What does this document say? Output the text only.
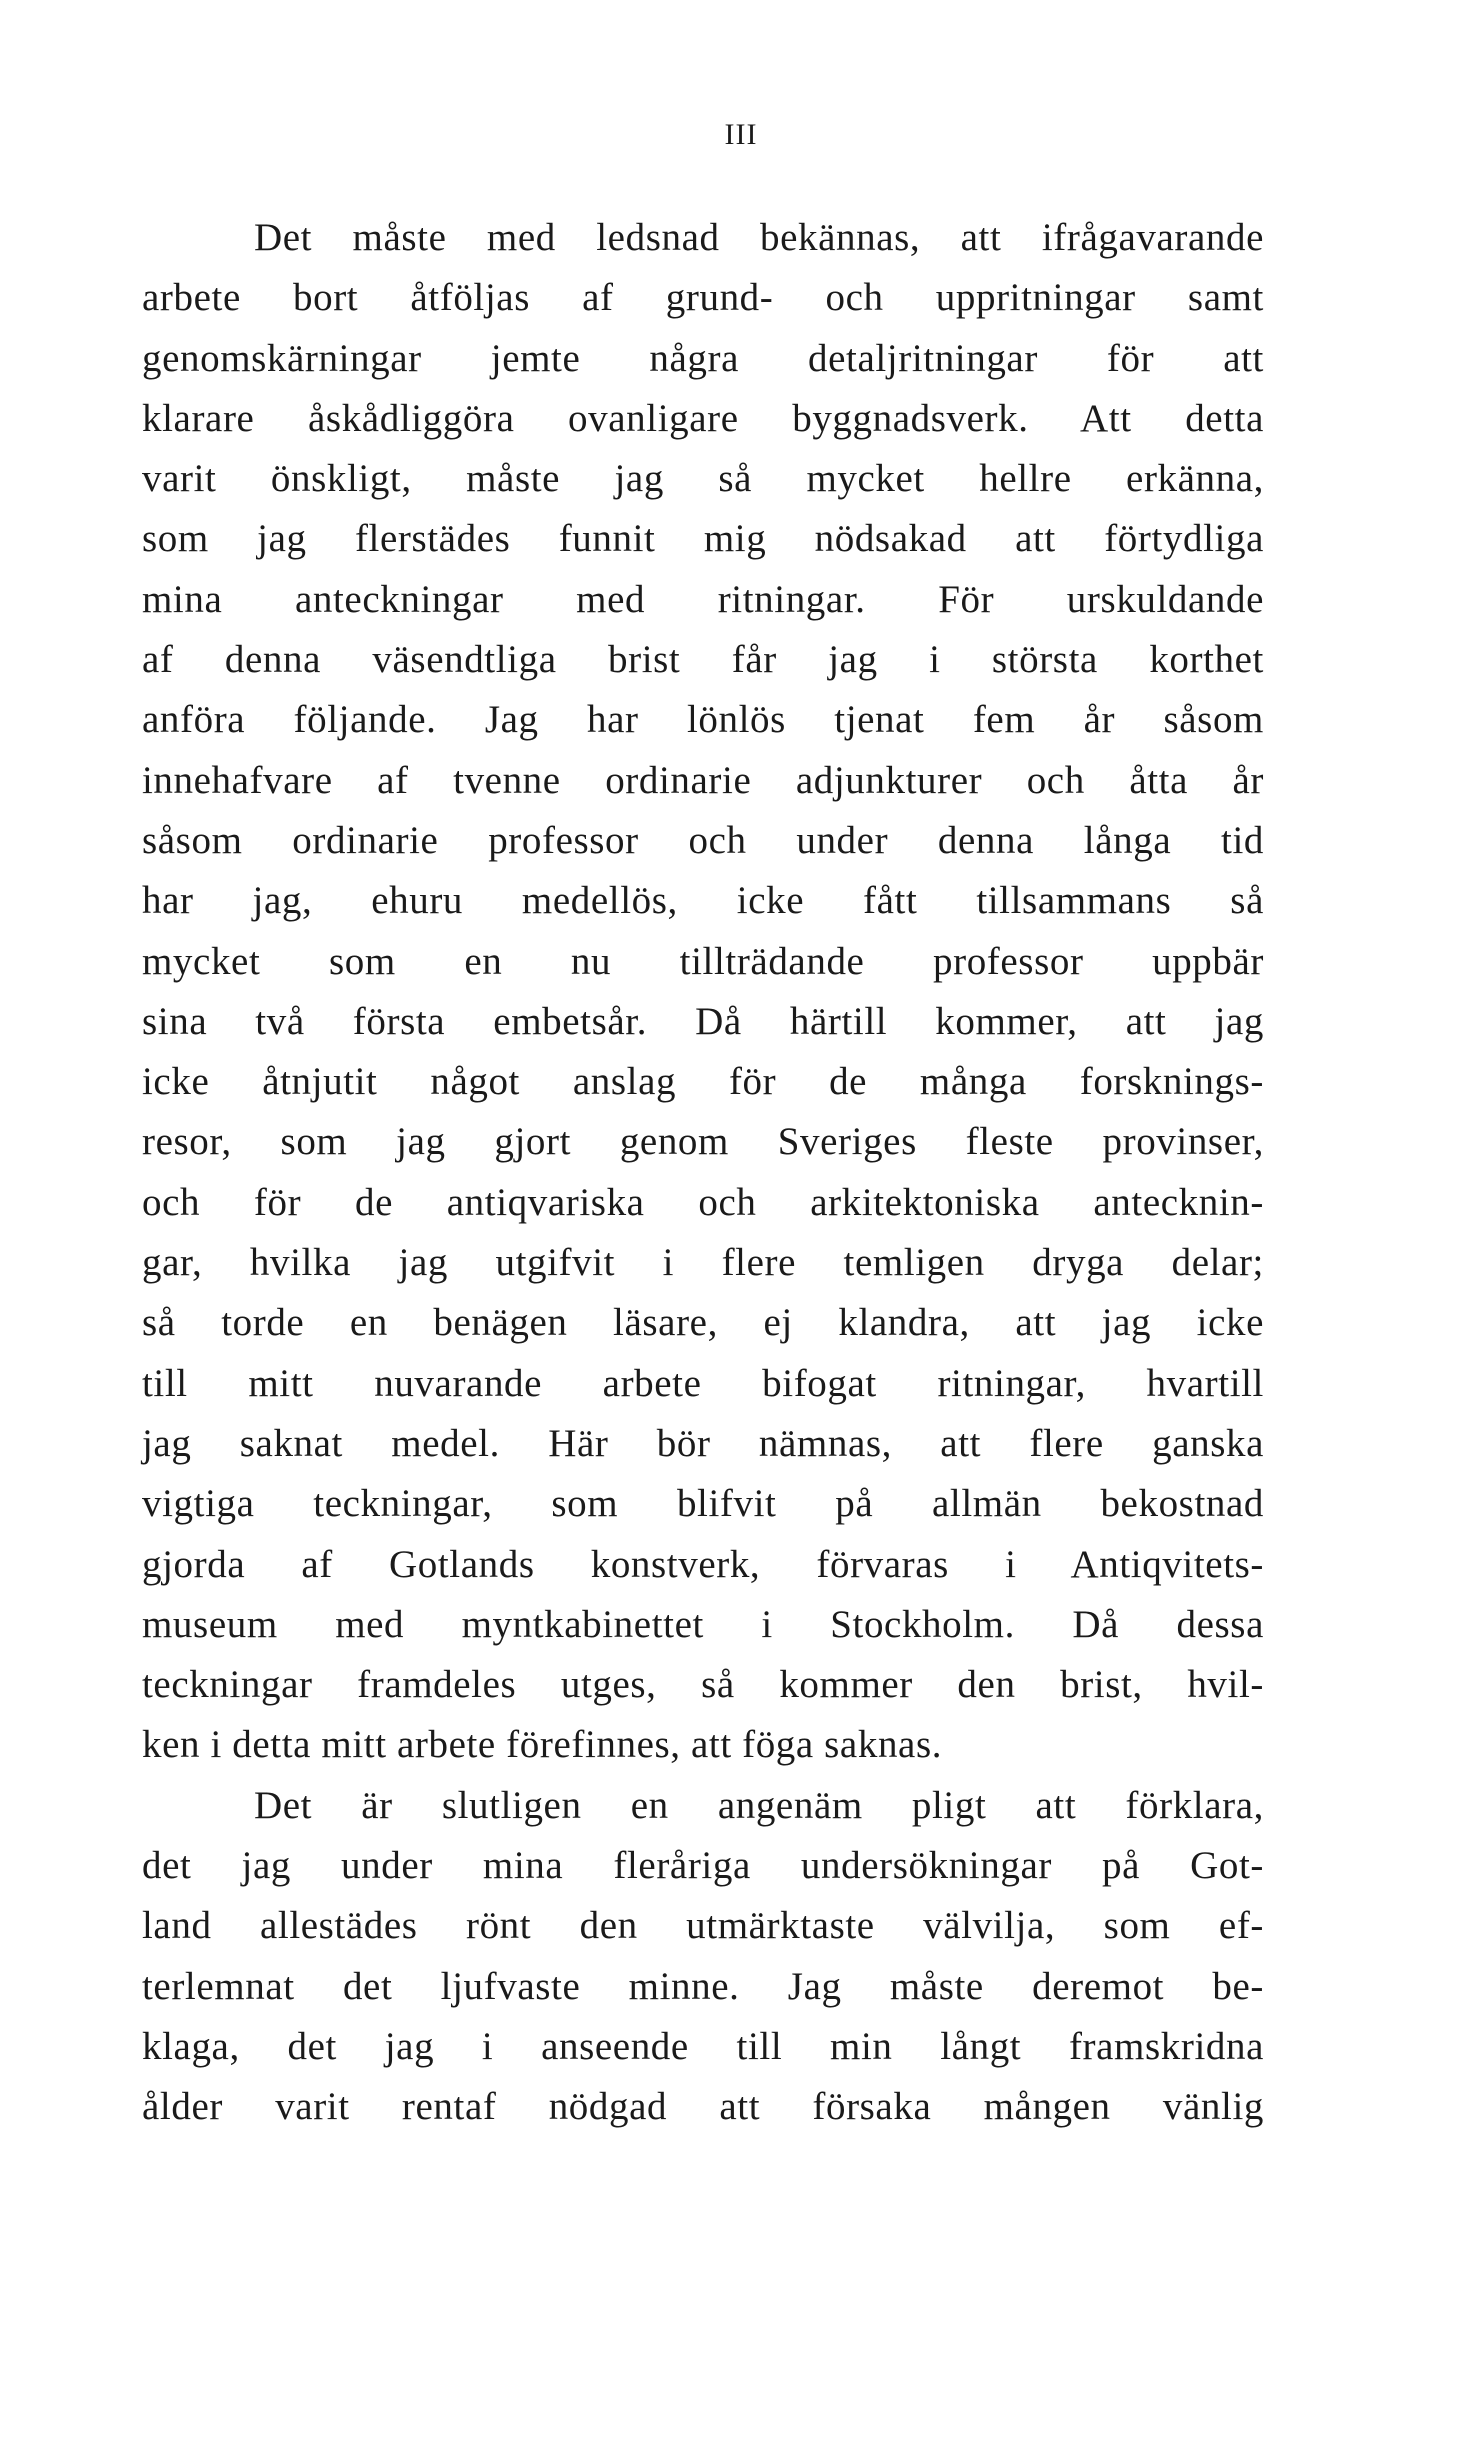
III
Det måste med ledsnad bekännas, att ifrågavarande
arbete bort åtföljas af grund- och uppritningar samt
genomskärningar jemte några detaljritningar för att
klarare åskådliggöra ovanligare byggnadsverk. Att detta
varit önskligt, måste jag så mycket hellre erkänna,
som jag flerstädes funnit mig nödsakad att förtydliga
mina anteckningar med ritningar. För urskuldande
af denna väsendtliga brist får jag i största korthet
anföra följande. Jag har lönlös tjenat fem år såsom
innehafvare af tvenne ordinarie adjunkturer och åtta år
såsom ordinarie professor och under denna långa tid
har jag, ehuru medellös, icke fått tillsammans så
mycket som en nu tillträdande professor uppbär
sina två första embetsår. Då härtill kommer, att jag
icke åtnjutit något anslag för de många forsknings-
resor, som jag gjort genom Sveriges fleste provinser,
och för de antiqvariska och arkitektoniska antecknin-
gar, hvilka jag utgifvit i flere temligen dryga delar;
så torde en benägen läsare, ej klandra, att jag icke
till mitt nuvarande arbete bifogat ritningar, hvartill
jag saknat medel. Här bör nämnas, att flere ganska
vigtiga teckningar, som blifvit på allmän bekostnad
gjorda af Gotlands konstverk, förvaras i Antiqvitets-
museum med myntkabinettet i Stockholm. Då dessa
teckningar framdeles utges, så kommer den brist, hvil-
ken i detta mitt arbete förefinnes, att föga saknas.
Det är slutligen en angenäm pligt att förklara,
det jag under mina fleråriga undersökningar på Got-
land allestädes rönt den utmärktaste välvilja, som ef-
terlemnat det ljufvaste minne. Jag måste deremot be-
klaga, det jag i anseende till min långt framskridna
ålder varit rentaf nödgad att försaka mången vänlig
